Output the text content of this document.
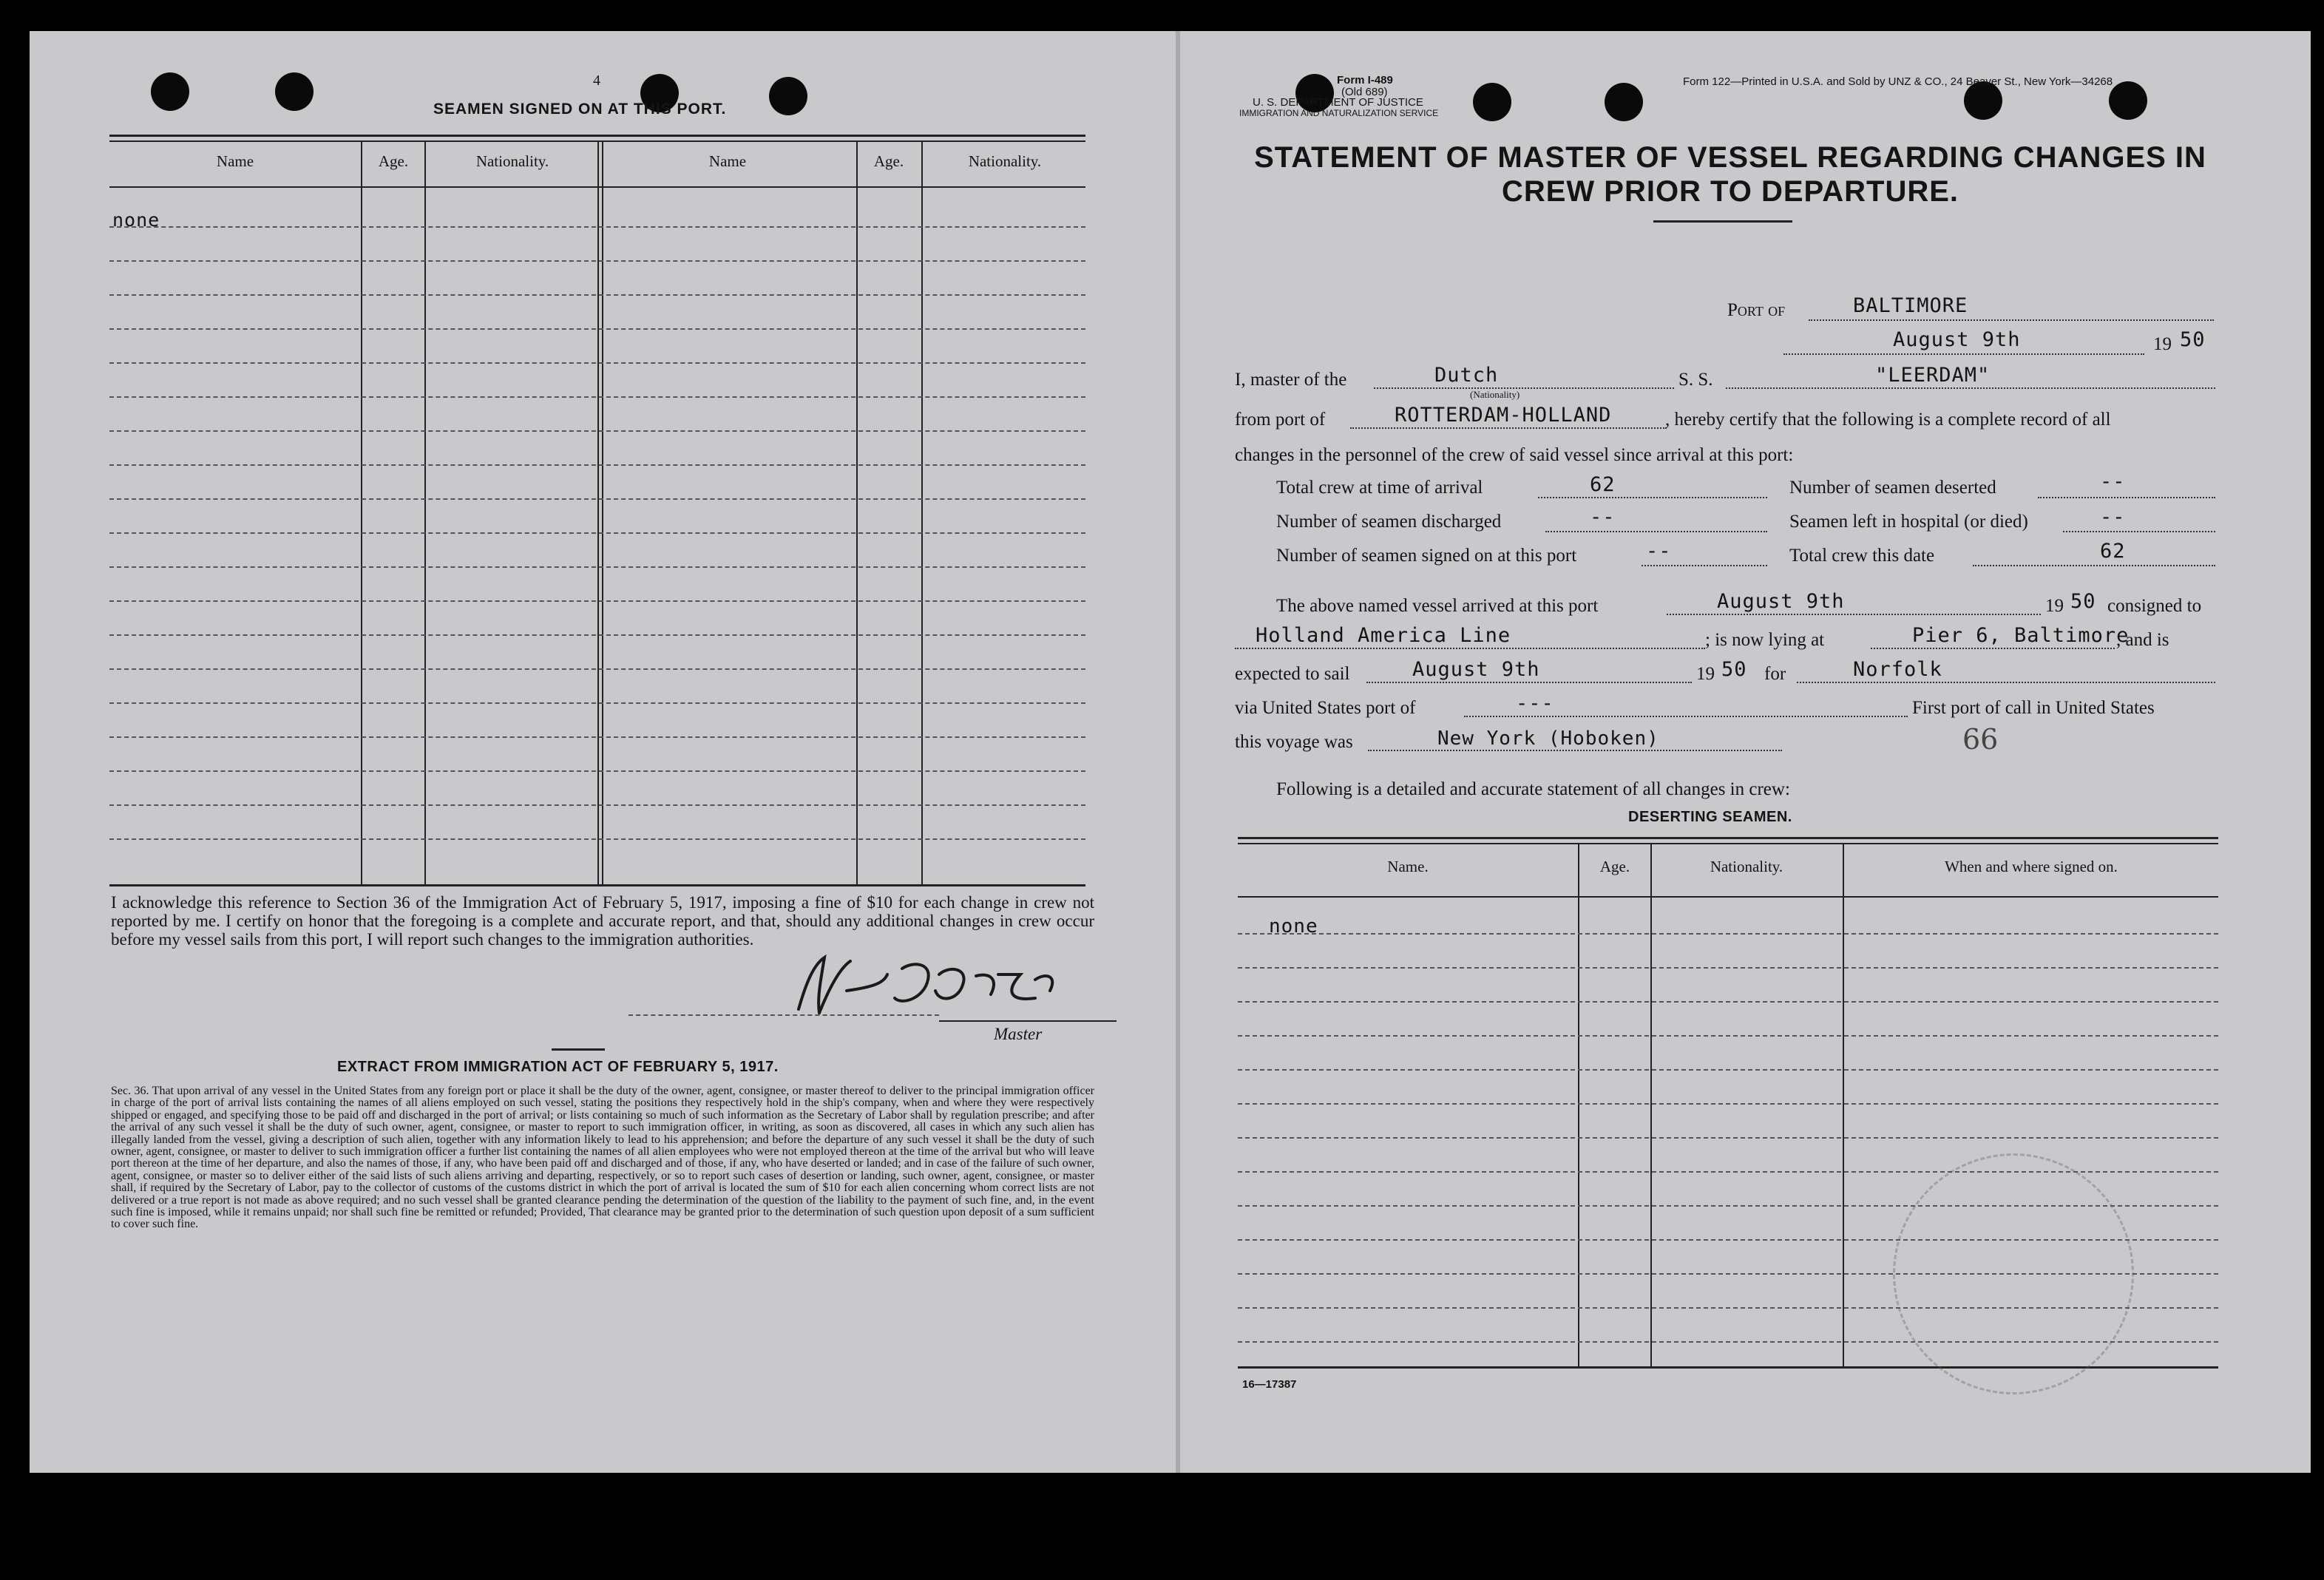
4
SEAMEN SIGNED ON AT THIS PORT.
Name	Age.	Nationality.	Name	Age.	Nationality.
none
I acknowledge this reference to Section 36 of the Immigration Act of February 5, 1917, imposing a fine of $10 for each change in crew not reported by me. I certify on honor that the foregoing is a complete and accurate report, and that, should any additional changes in crew occur before my vessel sails from this port, I will report such changes to the immigration authorities.
Master
EXTRACT FROM IMMIGRATION ACT OF FEBRUARY 5, 1917.
Sec. 36. That upon arrival of any vessel in the United States from any foreign port or place it shall be the duty of the owner, agent, consignee, or master thereof to deliver to the principal immigration officer in charge of the port of arrival lists containing the names of all aliens employed on such vessel, stating the positions they respectively hold in the ship's company, when and where they were respectively shipped or engaged, and specifying those to be paid off and discharged in the port of arrival; or lists containing so much of such information as the Secretary of Labor shall by regulation prescribe; and after the arrival of any such vessel it shall be the duty of such owner, agent, consignee, or master to report to such immigration officer, in writing, as soon as discovered, all cases in which any such alien has illegally landed from the vessel, giving a description of such alien, together with any information likely to lead to his apprehension; and before the departure of any such vessel it shall be the duty of such owner, agent, consignee, or master to deliver to such immigration officer a further list containing the names of all alien employees who were not employed thereon at the time of the arrival but who will leave port thereon at the time of her departure, and also the names of those, if any, who have been paid off and discharged and of those, if any, who have deserted or landed; and in case of the failure of such owner, agent, consignee, or master so to deliver either of the said lists of such aliens arriving and departing, respectively, or so to report such cases of desertion or landing, such owner, agent, consignee, or master shall, if required by the Secretary of Labor, pay to the collector of customs of the customs district in which the port of arrival is located the sum of $10 for each alien concerning whom correct lists are not delivered or a true report is not made as above required; and no such vessel shall be granted clearance pending the determination of the question of the liability to the payment of such fine, and, in the event such fine is imposed, while it remains unpaid; nor shall such fine be remitted or refunded; Provided, That clearance may be granted prior to the determination of such question upon deposit of a sum sufficient to cover such fine.
Form I-489
(Old 689)
U. S. DEPARTMENT OF JUSTICE
IMMIGRATION AND NATURALIZATION SERVICE
Form 122—Printed in U.S.A. and Sold by UNZ & CO., 24 Beaver St., New York—34268
STATEMENT OF MASTER OF VESSEL REGARDING CHANGES IN CREW PRIOR TO DEPARTURE.
Port of	BALTIMORE
August 9th	19 50
I, master of the	Dutch
(Nationality)
S. S.	"LEERDAM"
from port of	ROTTERDAM-HOLLAND	, hereby certify that the following is a complete record of all
changes in the personnel of the crew of said vessel since arrival at this port:
Total crew at time of arrival	62	Number of seamen deserted	--
Number of seamen discharged	--	Seamen left in hospital (or died)	--
Number of seamen signed on at this port	--	Total crew this date	62
The above named vessel arrived at this port	August 9th	19 50 consigned to
Holland America Line	; is now lying at	Pier 6, Baltimore
, and is
expected to sail	August 9th	19 50 for	Norfolk
via United States port of	---	First port of call in United States
this voyage was	New York (Hoboken)	66
Following is a detailed and accurate statement of all changes in crew:
DESERTING SEAMEN.
Name.	Age.	Nationality.	When and where signed on.
none
16—17387
